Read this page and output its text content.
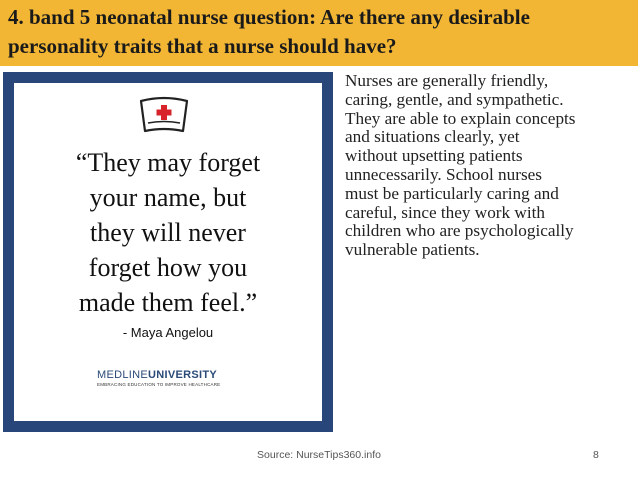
4. band 5 neonatal nurse question: Are there any desirable personality traits that a nurse should have?
“They may forget
your name, but
they will never
forget how you
made them feel.”
- Maya Angelou
MEDLINEUNIVERSITY
EMBRACING EDUCATION TO IMPROVE HEALTHCARE
Nurses are generally friendly,
caring, gentle, and sympathetic.
They are able to explain concepts
and situations clearly, yet
without upsetting patients
unnecessarily. School nurses
must be particularly caring and
careful, since they work with
children who are psychologically
vulnerable patients.
Source: NurseTips360.info	8
